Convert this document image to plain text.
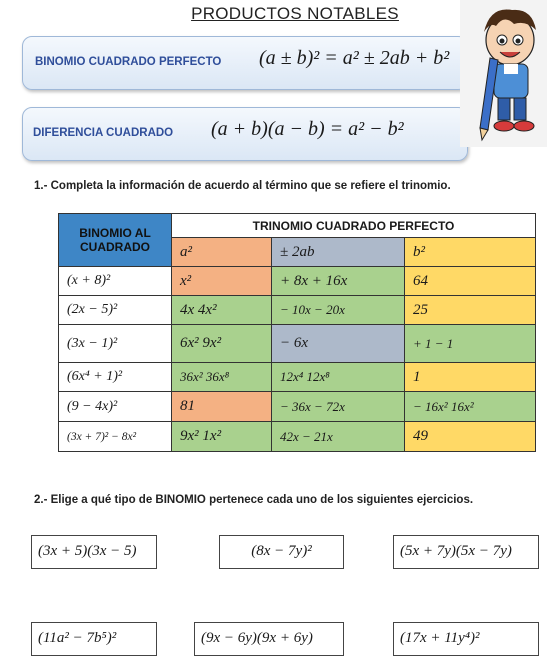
PRODUCTOS NOTABLES
BINOMIO CUADRADO PERFECTO (a ± b)² = a² ± 2ab + b²
DIFERENCIA CUADRADO (a + b)(a − b) = a² − b²
1.- Completa la información de acuerdo al término que se refiere el trinomio.
BINOMIO AL CUADRADO	TRINOMIO CUADRADO PERFECTO		
	a²	± 2ab	b²
(x + 8)²	x²	+ 8x + 16x	64
(2x − 5)²	4x 4x²	− 10x − 20x	25
(3x − 1)²	6x² 9x²	− 6x	+ 1 − 1
(6x⁴ + 1)²	36x² 36x⁸	12x⁴ 12x⁸	1
(9 − 4x)²	81	− 36x − 72x	− 16x² 16x²
(3x + 7)² − 8x²	9x² 1x²	42x − 21x	49
2.- Elige a qué tipo de BINOMIO pertenece cada uno de los siguientes ejercicios.
(3x + 5)(3x − 5)	(8x − 7y)²	(5x + 7y)(5x − 7y)
(11a² − 7b⁵)²	(9x − 6y)(9x + 6y)	(17x + 11y⁴)²
